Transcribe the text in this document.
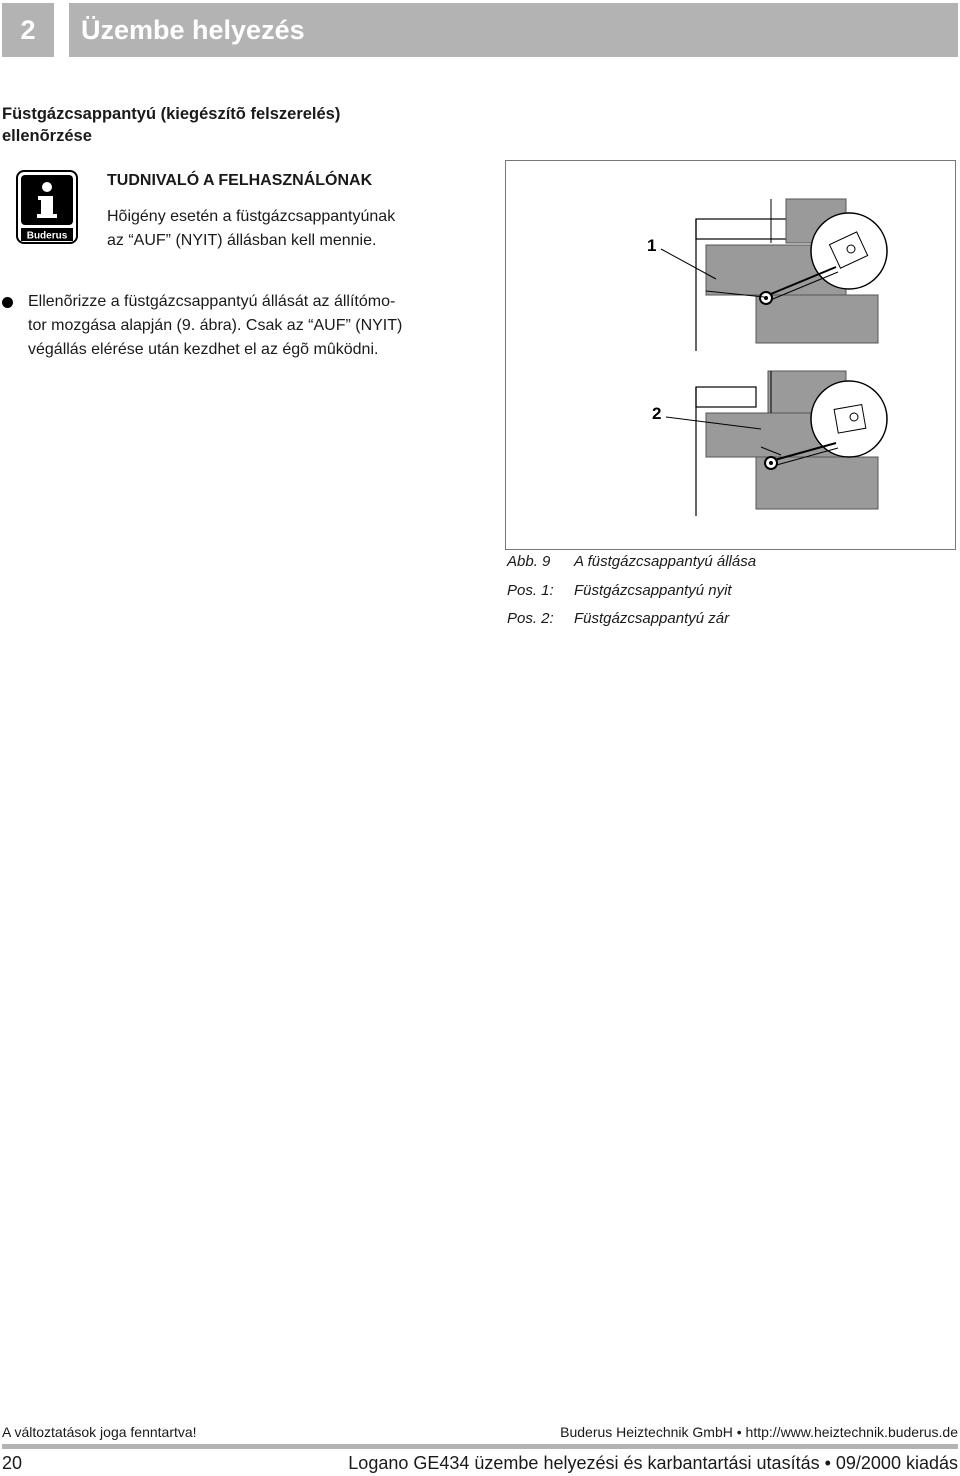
2	Üzembe helyezés
Füstgázcsappantyú (kiegészítõ felszerelés)
ellenõrzése
Buderus
TUDNIVALÓ A FELHASZNÁLÓNAK
Hõigény esetén a füstgázcsappantyúnak
az “AUF” (NYIT) állásban kell mennie.
Ellenõrizze a füstgázcsappantyú állását az állítómo-
tor mozgása alapján (9. ábra). Csak az “AUF” (NYIT)
végállás elérése után kezdhet el az égõ mûködni.
1
2
Abb. 9 A füstgázcsappantyú állása
Pos. 1: Füstgázcsappantyú nyit
Pos. 2: Füstgázcsappantyú zár
A változtatások joga fenntartva!	Buderus Heiztechnik GmbH • http://www.heiztechnik.buderus.de
20	Logano GE434 üzembe helyezési és karbantartási utasítás • 09/2000 kiadás
